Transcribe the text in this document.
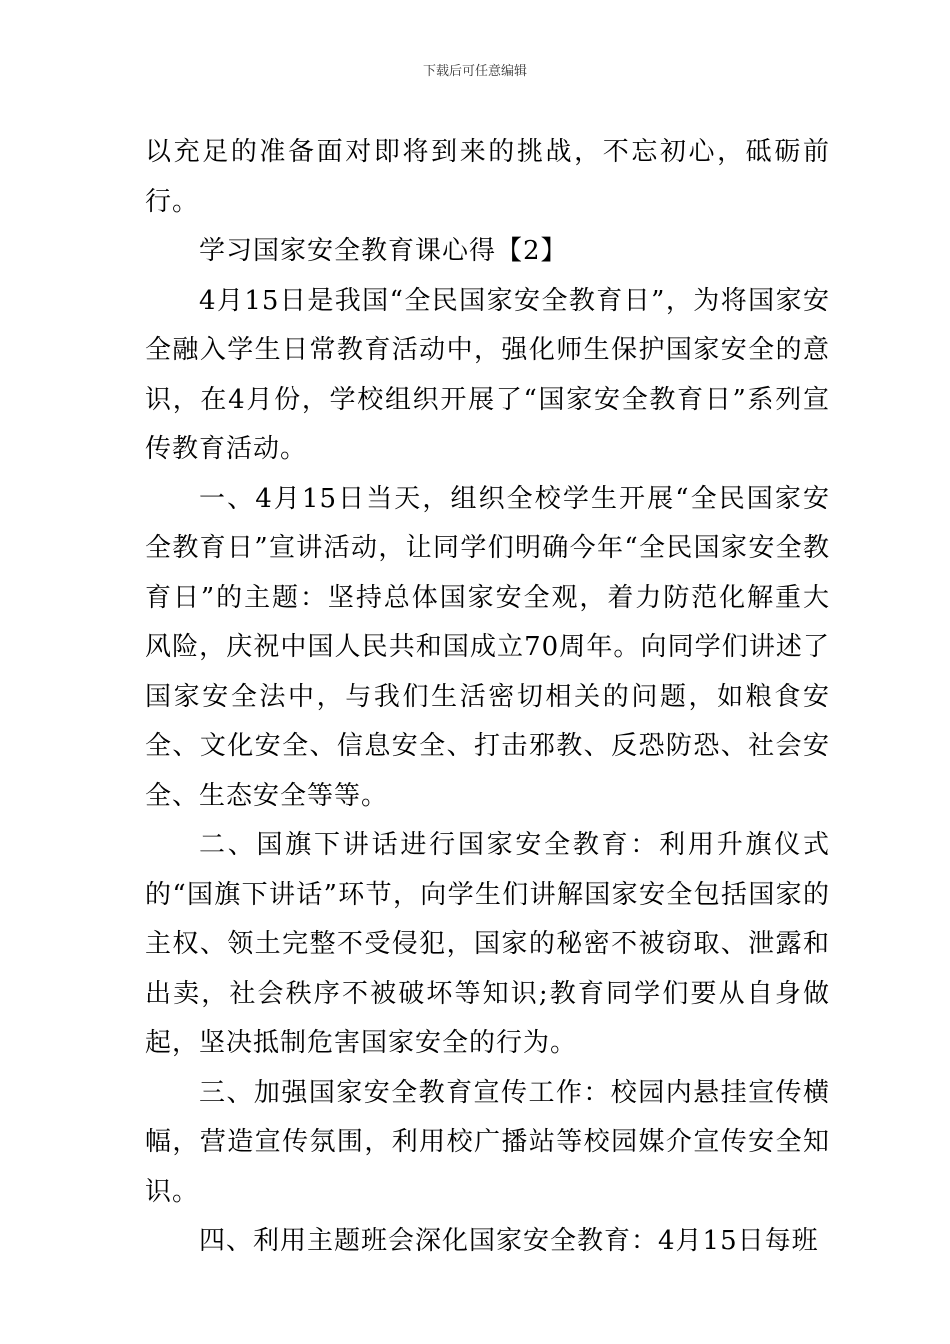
下载后可任意编辑

以充足的准备面对即将到来的挑战，不忘初心，砥砺前行。

学习国家安全教育课心得【2】

4月15日是我国“全民国家安全教育日”，为将国家安全融入学生日常教育活动中，强化师生保护国家安全的意识，在4月份，学校组织开展了“国家安全教育日”系列宣传教育活动。

一、4月15日当天，组织全校学生开展“全民国家安全教育日”宣讲活动，让同学们明确今年“全民国家安全教育日”的主题：坚持总体国家安全观，着力防范化解重大风险，庆祝中国人民共和国成立70周年。向同学们讲述了国家安全法中，与我们生活密切相关的问题，如粮食安全、文化安全、信息安全、打击邪教、反恐防恐、社会安全、生态安全等等。

二、国旗下讲话进行国家安全教育：利用升旗仪式的“国旗下讲话”环节，向学生们讲解国家安全包括国家的主权、领土完整不受侵犯，国家的秘密不被窃取、泄露和出卖，社会秩序不被破坏等知识;教育同学们要从自身做起，坚决抵制危害国家安全的行为。

三、加强国家安全教育宣传工作：校园内悬挂宣传横幅，营造宣传氛围，利用校广播站等校园媒介宣传安全知识。

四、利用主题班会深化国家安全教育：4月15日每班
